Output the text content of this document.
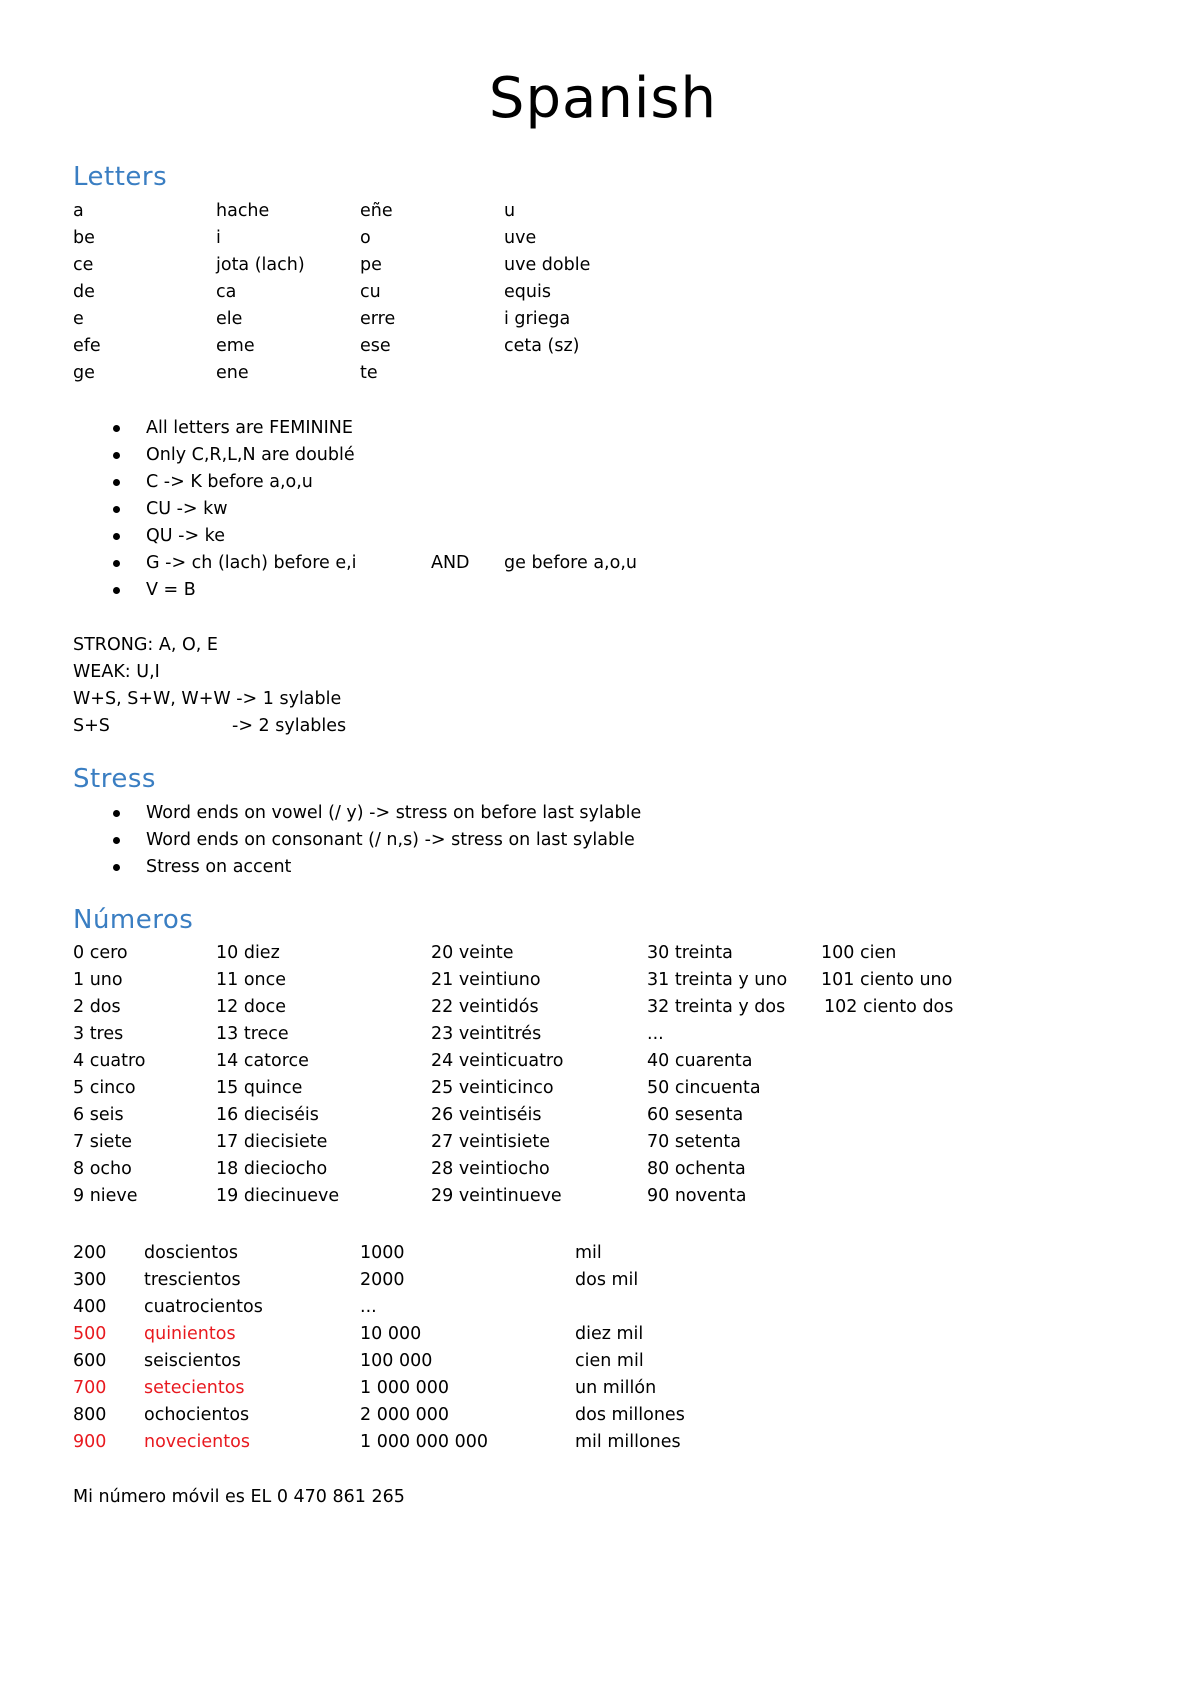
Spanish
Letters
a	hache	eñe	u
be	i	o	uve
ce	jota (lach)	pe	uve doble
de	ca	cu	equis
e	ele	erre	i griega
efe	eme	ese	ceta (sz)
ge	ene	te
All letters are FEMININE
Only C,R,L,N are doublé
C -> K before a,o,u
CU -> kw
QU -> ke
G -> ch (lach) before e,i	AND ge before a,o,u
V = B
STRONG: A, O, E
WEAK: U,I
W+S, S+W, W+W -> 1 sylable
S+S	-> 2 sylables
Stress
Word ends on vowel (/ y) -> stress on before last sylable
Word ends on consonant (/ n,s) -> stress on last sylable
Stress on accent
Números
0 cero	10 diez	20 veinte	30 treinta	100 cien
1 uno	11 once	21 veintiuno	31 treinta y uno 101 ciento uno
2 dos	12 doce	22 veintidós	32 treinta y dos 102 ciento dos
3 tres	13 trece	23 veintitrés	...
4 cuatro	14 catorce	24 veinticuatro	40 cuarenta
5 cinco	15 quince	25 veinticinco	50 cincuenta
6 seis	16 dieciséis	26 veintiséis	60 sesenta
7 siete	17 diecisiete	27 veintisiete	70 setenta
8 ocho	18 dieciocho	28 veintiocho	80 ochenta
9 nieve	19 diecinueve	29 veintinueve	90 noventa
200 doscientos	1000	mil
300 trescientos	2000	dos mil
400 cuatrocientos	...
500 quinientos	10 000	diez mil
600 seiscientos	100 000	cien mil
700 setecientos	1 000 000	un millón
800 ochocientos	2 000 000	dos millones
900 novecientos	1 000 000 000	mil millones
Mi número móvil es EL 0 470 861 265
